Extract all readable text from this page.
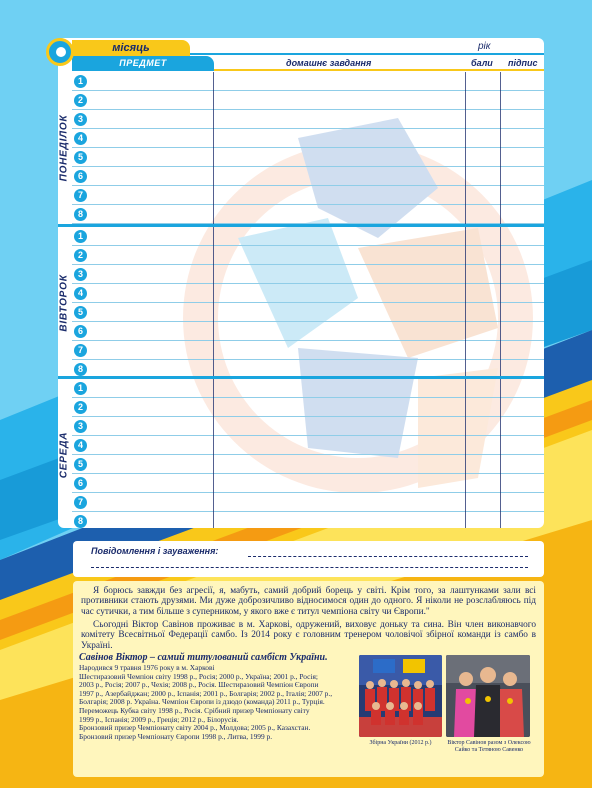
місяць	рік
ПРЕДМЕТ	домашнє завдання	бали підпис
ПОНЕДІЛОК
1
2
3
4
5
6
7
8
ВІВТОРОК
1
2
3
4
5
6
7
8
СЕРЕДА
1
2
3
4
5
6
7
8
Повідомлення і зауваження:

Я борюсь завжди без агресії, я, мабуть, самий добрий борець у світі. Крім того, за лаштунками зали всі противники стають друзями. Ми дуже доброзичливо відносимося один до одного. Я ніколи не розслабляюсь під час сутички, а тим більше з суперником, у якого вже є титул чемпіона світу чи Європи."

Сьогодні Віктор Савінов проживає в м. Харкові, одружений, виховує доньку та сина. Він член виконавчого комітету Всесвітньої Федерації самбо. Із 2014 року є головним тренером чоловічої збірної команди із самбо в Україні.

Савінов Віктор – самий титулований самбіст України.
Народився 9 травня 1976 року в м. Харкові
Шестиразовий Чемпіон світу 1998 р., Росія; 2000 р., Україна; 2001 р., Росія;
2003 р., Росія; 2007 р., Чехія; 2008 р., Росія. Шестиразовий Чемпіон Європи
1997 р., Азербайджан; 2000 р., Іспанія; 2001 р., Болгарія; 2002 р., Італія; 2007 р.,
Болгарія; 2008 р. Україна. Чемпіон Європи із дзюдо (команда) 2011 р., Турція.
Переможець Кубка світу 1998 р., Росія. Срібний призер Чемпіонату світу
1999 р., Іспанія; 2009 р., Греція; 2012 р., Білорусія.
Бронзовий призер Чемпіонату світу 2004 р., Молдова; 2005 р., Казахстан.
Бронзовий призер Чемпіонату Європи 1998 р., Литва, 1999 р.
Збірна України (2012 р.)	Віктор Савінов разом з Олексою Сайко та Тетяною Савенко
